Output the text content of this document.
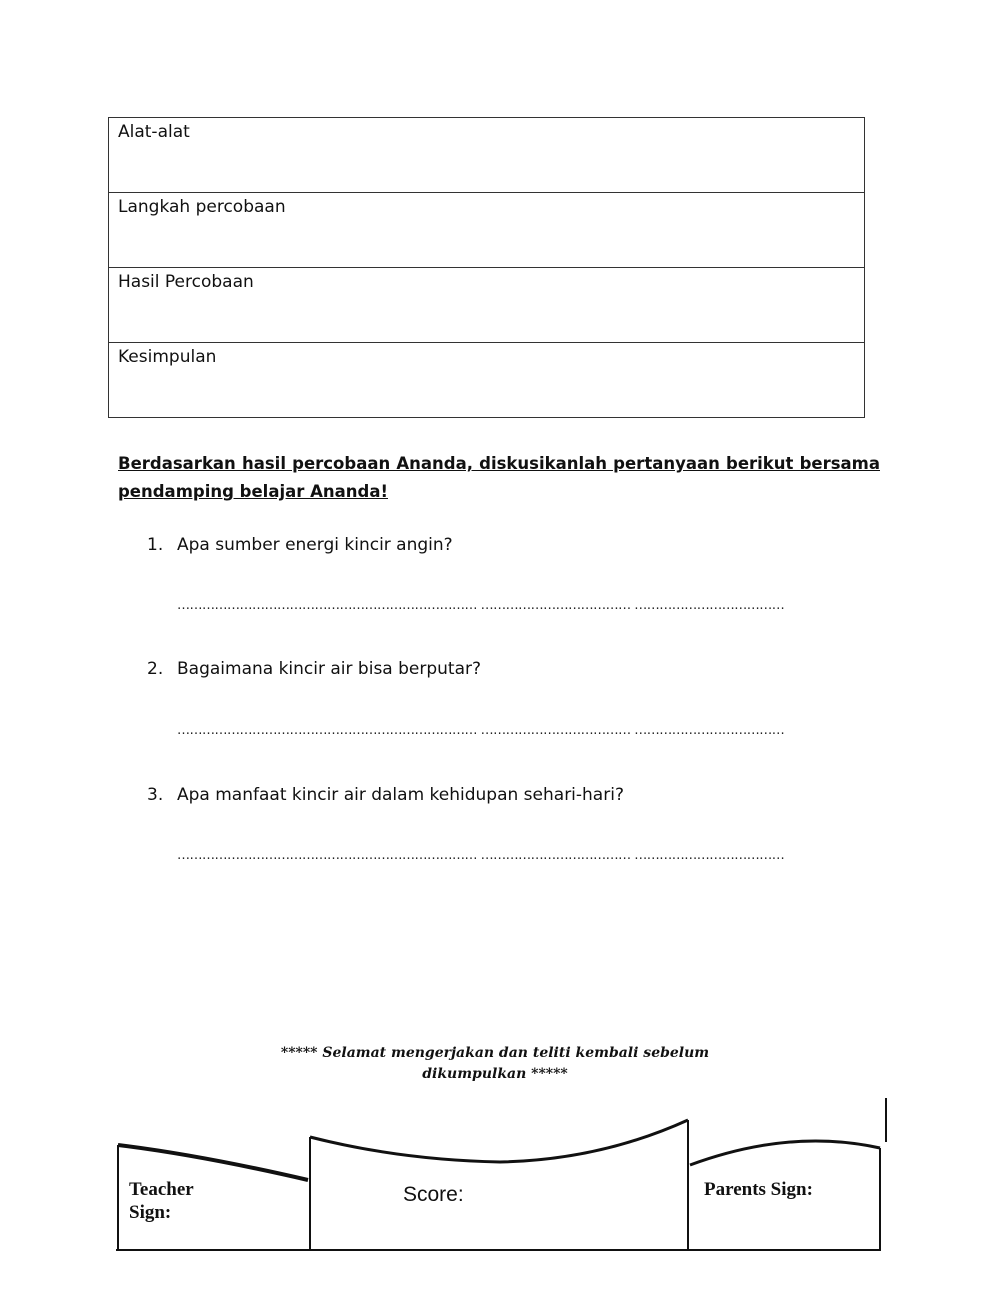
Alat-alat
Langkah percobaan
Hasil Percobaan
Kesimpulan
Berdasarkan hasil percobaan Ananda, diskusikanlah pertanyaan berikut bersama pendamping belajar Ananda!
1. Apa sumber energi kincir angin?
……………………………………………………………… ……………………………… ………………………………
2. Bagaimana kincir air bisa berputar?
……………………………………………………………… ……………………………… ………………………………
3. Apa manfaat kincir air dalam kehidupan sehari-hari?
……………………………………………………………… ……………………………… ………………………………
***** Selamat mengerjakan dan teliti kembali sebelum dikumpulkan *****
Teacher Sign:
Score:	Parents Sign:
